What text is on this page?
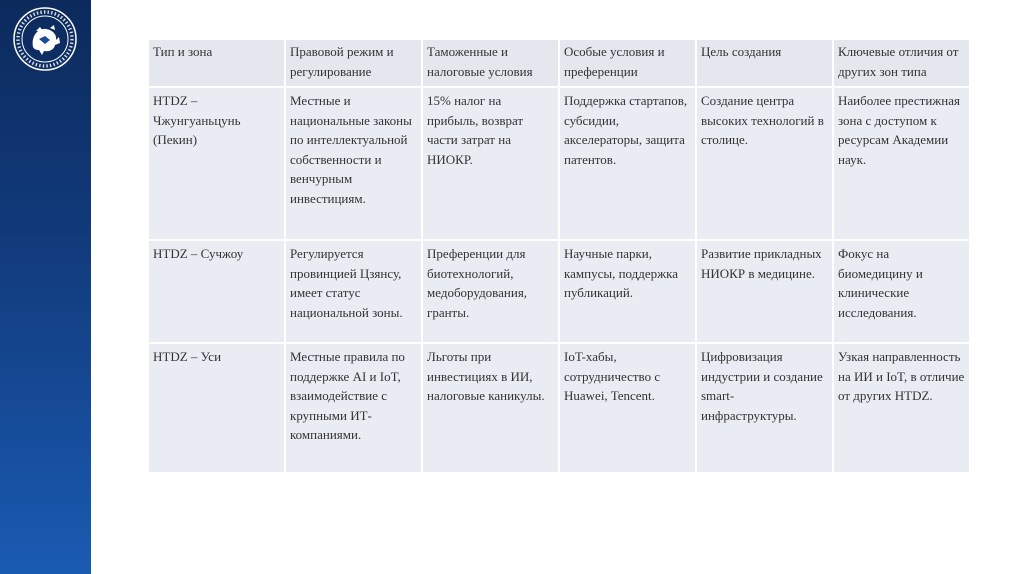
Тип и зона	Правовой режим и регулирование	Таможенные и налоговые условия	Особые условия и преференции	Цель создания	Ключевые отличия от других зон типа
HTDZ – Чжунгуаньцунь (Пекин)	Местные и национальные законы по интеллектуальной собственности и венчурным инвестициям.	15% налог на прибыль, возврат части затрат на НИОКР.	Поддержка стартапов, субсидии, акселераторы, защита патентов.	Создание центра высоких технологий в столице.	Наиболее престижная зона с доступом к ресурсам Академии наук.
HTDZ – Сучжоу	Регулируется провинцией Цзянсу, имеет статус национальной зоны.	Преференции для биотехнологий, медоборудования, гранты.	Научные парки, кампусы, поддержка публикаций.	Развитие прикладных НИОКР в медицине.	Фокус на биомедицину и клинические исследования.
HTDZ – Уси	Местные правила по поддержке AI и IoT, взаимодействие с крупными ИТ-компаниями.	Льготы при инвестициях в ИИ, налоговые каникулы.	IoT-хабы, сотрудничество с Huawei, Tencent.	Цифровизация индустрии и создание smart-инфраструктуры.	Узкая направленность на ИИ и IoT, в отличие от других HTDZ.
